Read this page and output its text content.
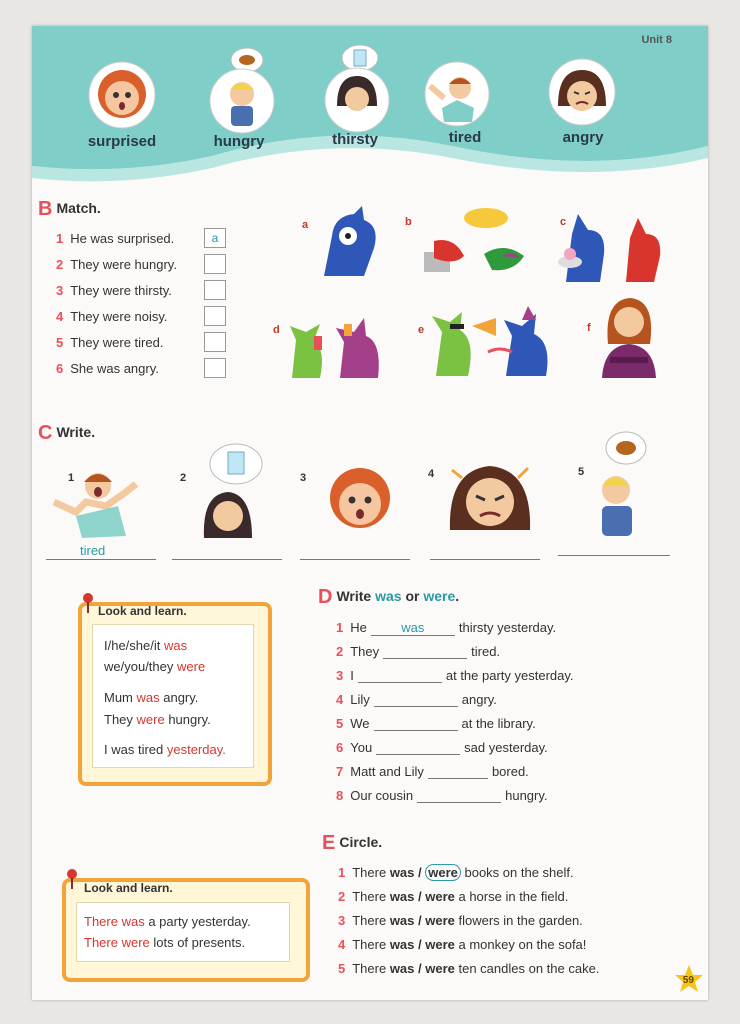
Unit 8
surprised	hungry	thirsty	tired	angry
B Match.
1 He was surprised.
2 They were hungry.
3 They were thirsty.
4 They were noisy.
5 They were tired.
6 She was angry.
a
a	b	c
d	e	f
C Write.
1	2	3	4	5
tired
Look and learn.
I/he/she/it was
we/you/they were
Mum was angry.
They were hungry.
I was tired yesterday.
D Write was or were.
1 He	was	thirsty yesterday.
2 They	tired.
3 I	at the party yesterday.
4 Lily	angry.
5 We	at the library.
6 You	sad yesterday.
7 Matt and Lily	bored.
8 Our cousin	hungry.
Look and learn.
There was a party yesterday.
There were lots of presents.
E Circle.
1 There was / were books on the shelf.
2 There was / were a horse in the field.
3 There was / were flowers in the garden.
4 There was / were a monkey on the sofa!
5 There was / were ten candles on the cake.
59
